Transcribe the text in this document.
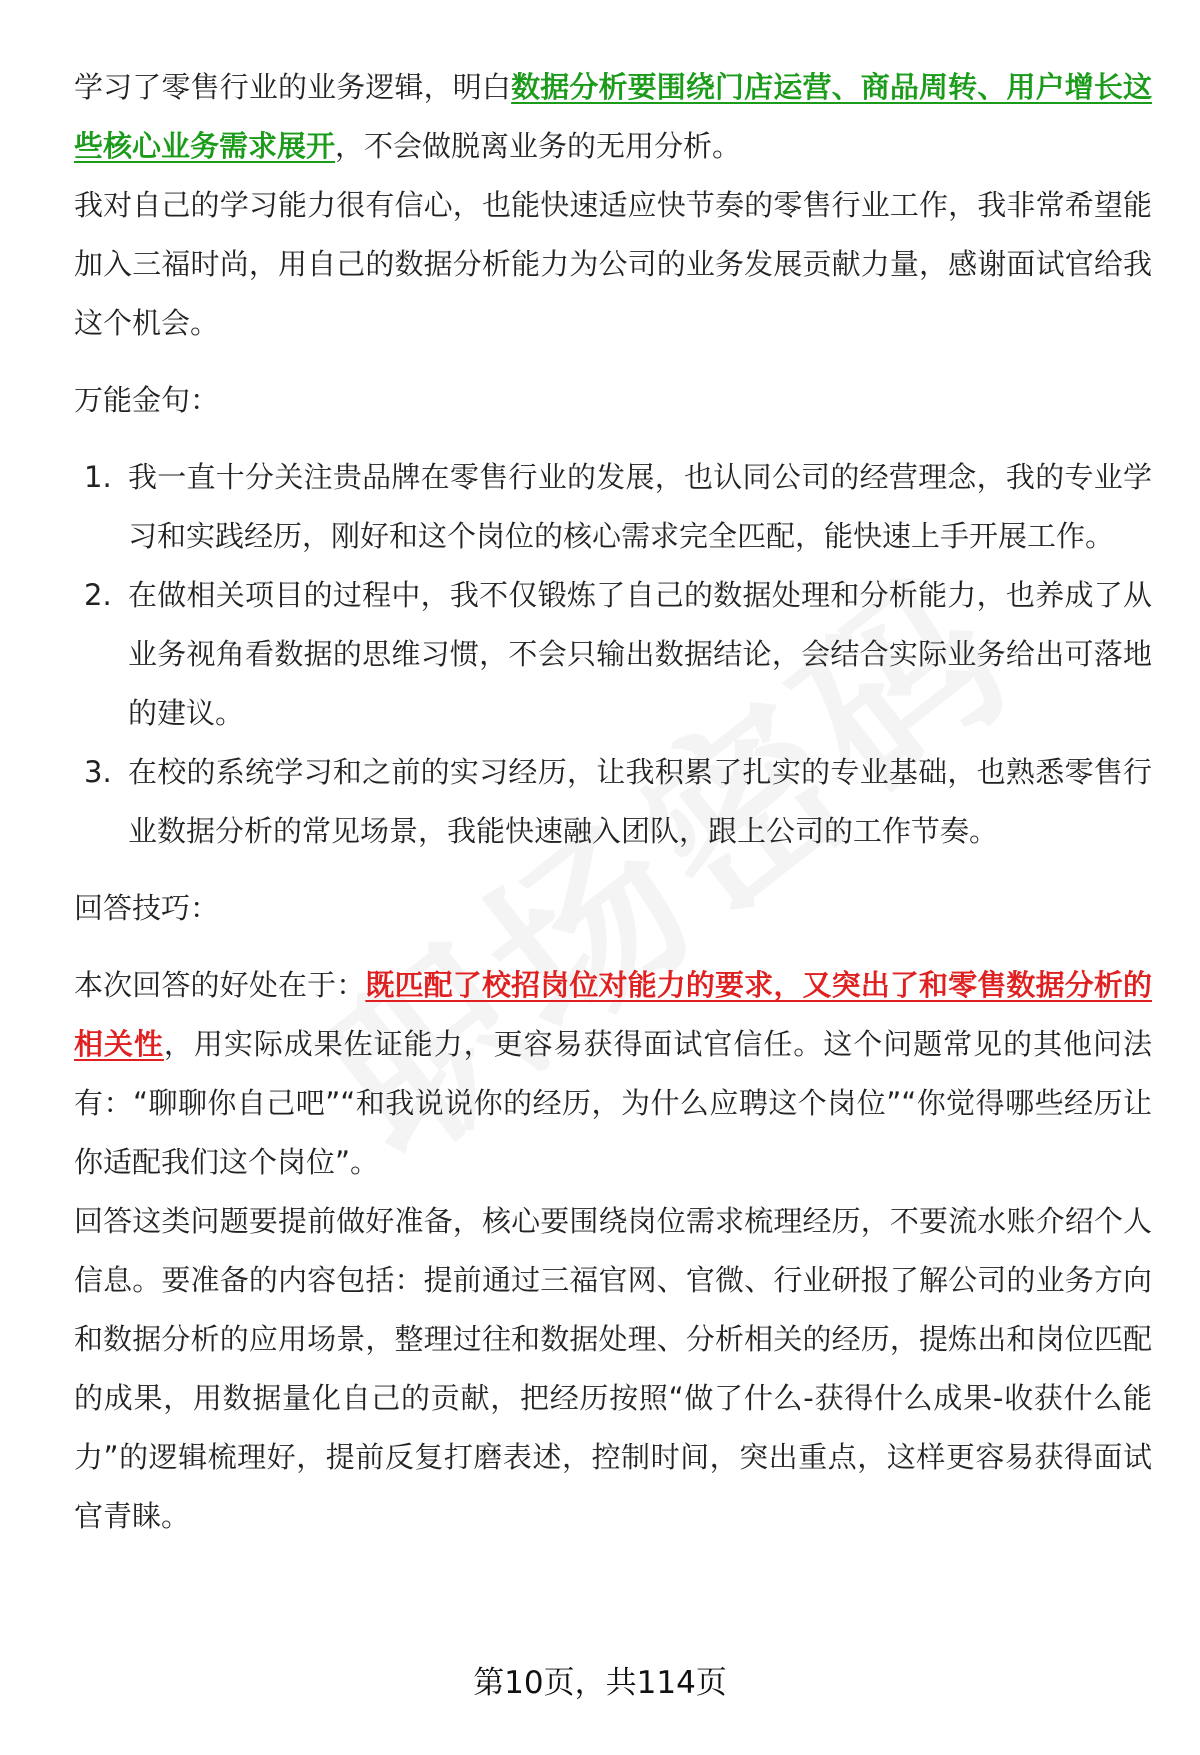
学习了零售行业的业务逻辑，明白数据分析要围绕门店运营、商品周转、用户增长这些核心业务需求展开，不会做脱离业务的无用分析。

我对自己的学习能力很有信心，也能快速适应快节奏的零售行业工作，我非常希望能加入三福时尚，用自己的数据分析能力为公司的业务发展贡献力量，感谢面试官给我这个机会。

万能金句：

1. 我一直十分关注贵品牌在零售行业的发展，也认同公司的经营理念，我的专业学习和实践经历，刚好和这个岗位的核心需求完全匹配，能快速上手开展工作。
2. 在做相关项目的过程中，我不仅锻炼了自己的数据处理和分析能力，也养成了从业务视角看数据的思维习惯，不会只输出数据结论，会结合实际业务给出可落地的建议。
3. 在校的系统学习和之前的实习经历，让我积累了扎实的专业基础，也熟悉零售行业数据分析的常见场景，我能快速融入团队，跟上公司的工作节奏。

回答技巧：

本次回答的好处在于：既匹配了校招岗位对能力的要求，又突出了和零售数据分析的相关性，用实际成果佐证能力，更容易获得面试官信任。这个问题常见的其他问法有：“聊聊你自己吧”“和我说说你的经历，为什么应聘这个岗位”“你觉得哪些经历让你适配我们这个岗位”。

回答这类问题要提前做好准备，核心要围绕岗位需求梳理经历，不要流水账介绍个人信息。要准备的内容包括：提前通过三福官网、官微、行业研报了解公司的业务方向和数据分析的应用场景，整理过往和数据处理、分析相关的经历，提炼出和岗位匹配的成果，用数据量化自己的贡献，把经历按照“做了什么-获得什么成果-收获什么能力”的逻辑梳理好，提前反复打磨表述，控制时间，突出重点，这样更容易获得面试官青睐。

第10页，共114页
